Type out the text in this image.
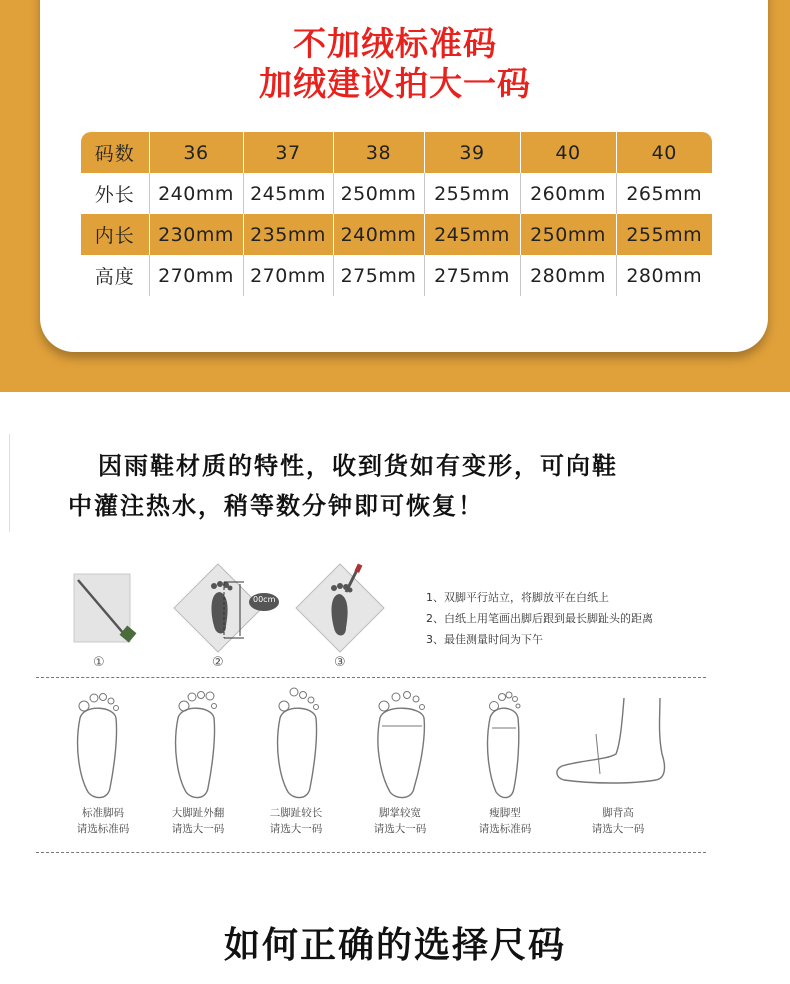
不加绒标准码
加绒建议拍大一码
码数	36	37	38	39	40	40
外长	240mm	245mm	250mm	255mm	260mm	265mm
内长	230mm	235mm	240mm	245mm	250mm	255mm
高度	270mm	270mm	275mm	275mm	280mm	280mm
因雨鞋材质的特性，收到货如有变形，可向鞋
中灌注热水，稍等数分钟即可恢复！
①
00cm
②	③
1、双脚平行站立，将脚放平在白纸上
2、白纸上用笔画出脚后跟到最长脚趾头的距离
3、最佳测量时间为下午
标准脚码
请选标准码
大脚趾外翻
请选大一码
二脚趾较长
请选大一码
脚掌较宽
请选大一码
瘦脚型
请选标准码
脚背高
请选大一码
如何正确的选择尺码
